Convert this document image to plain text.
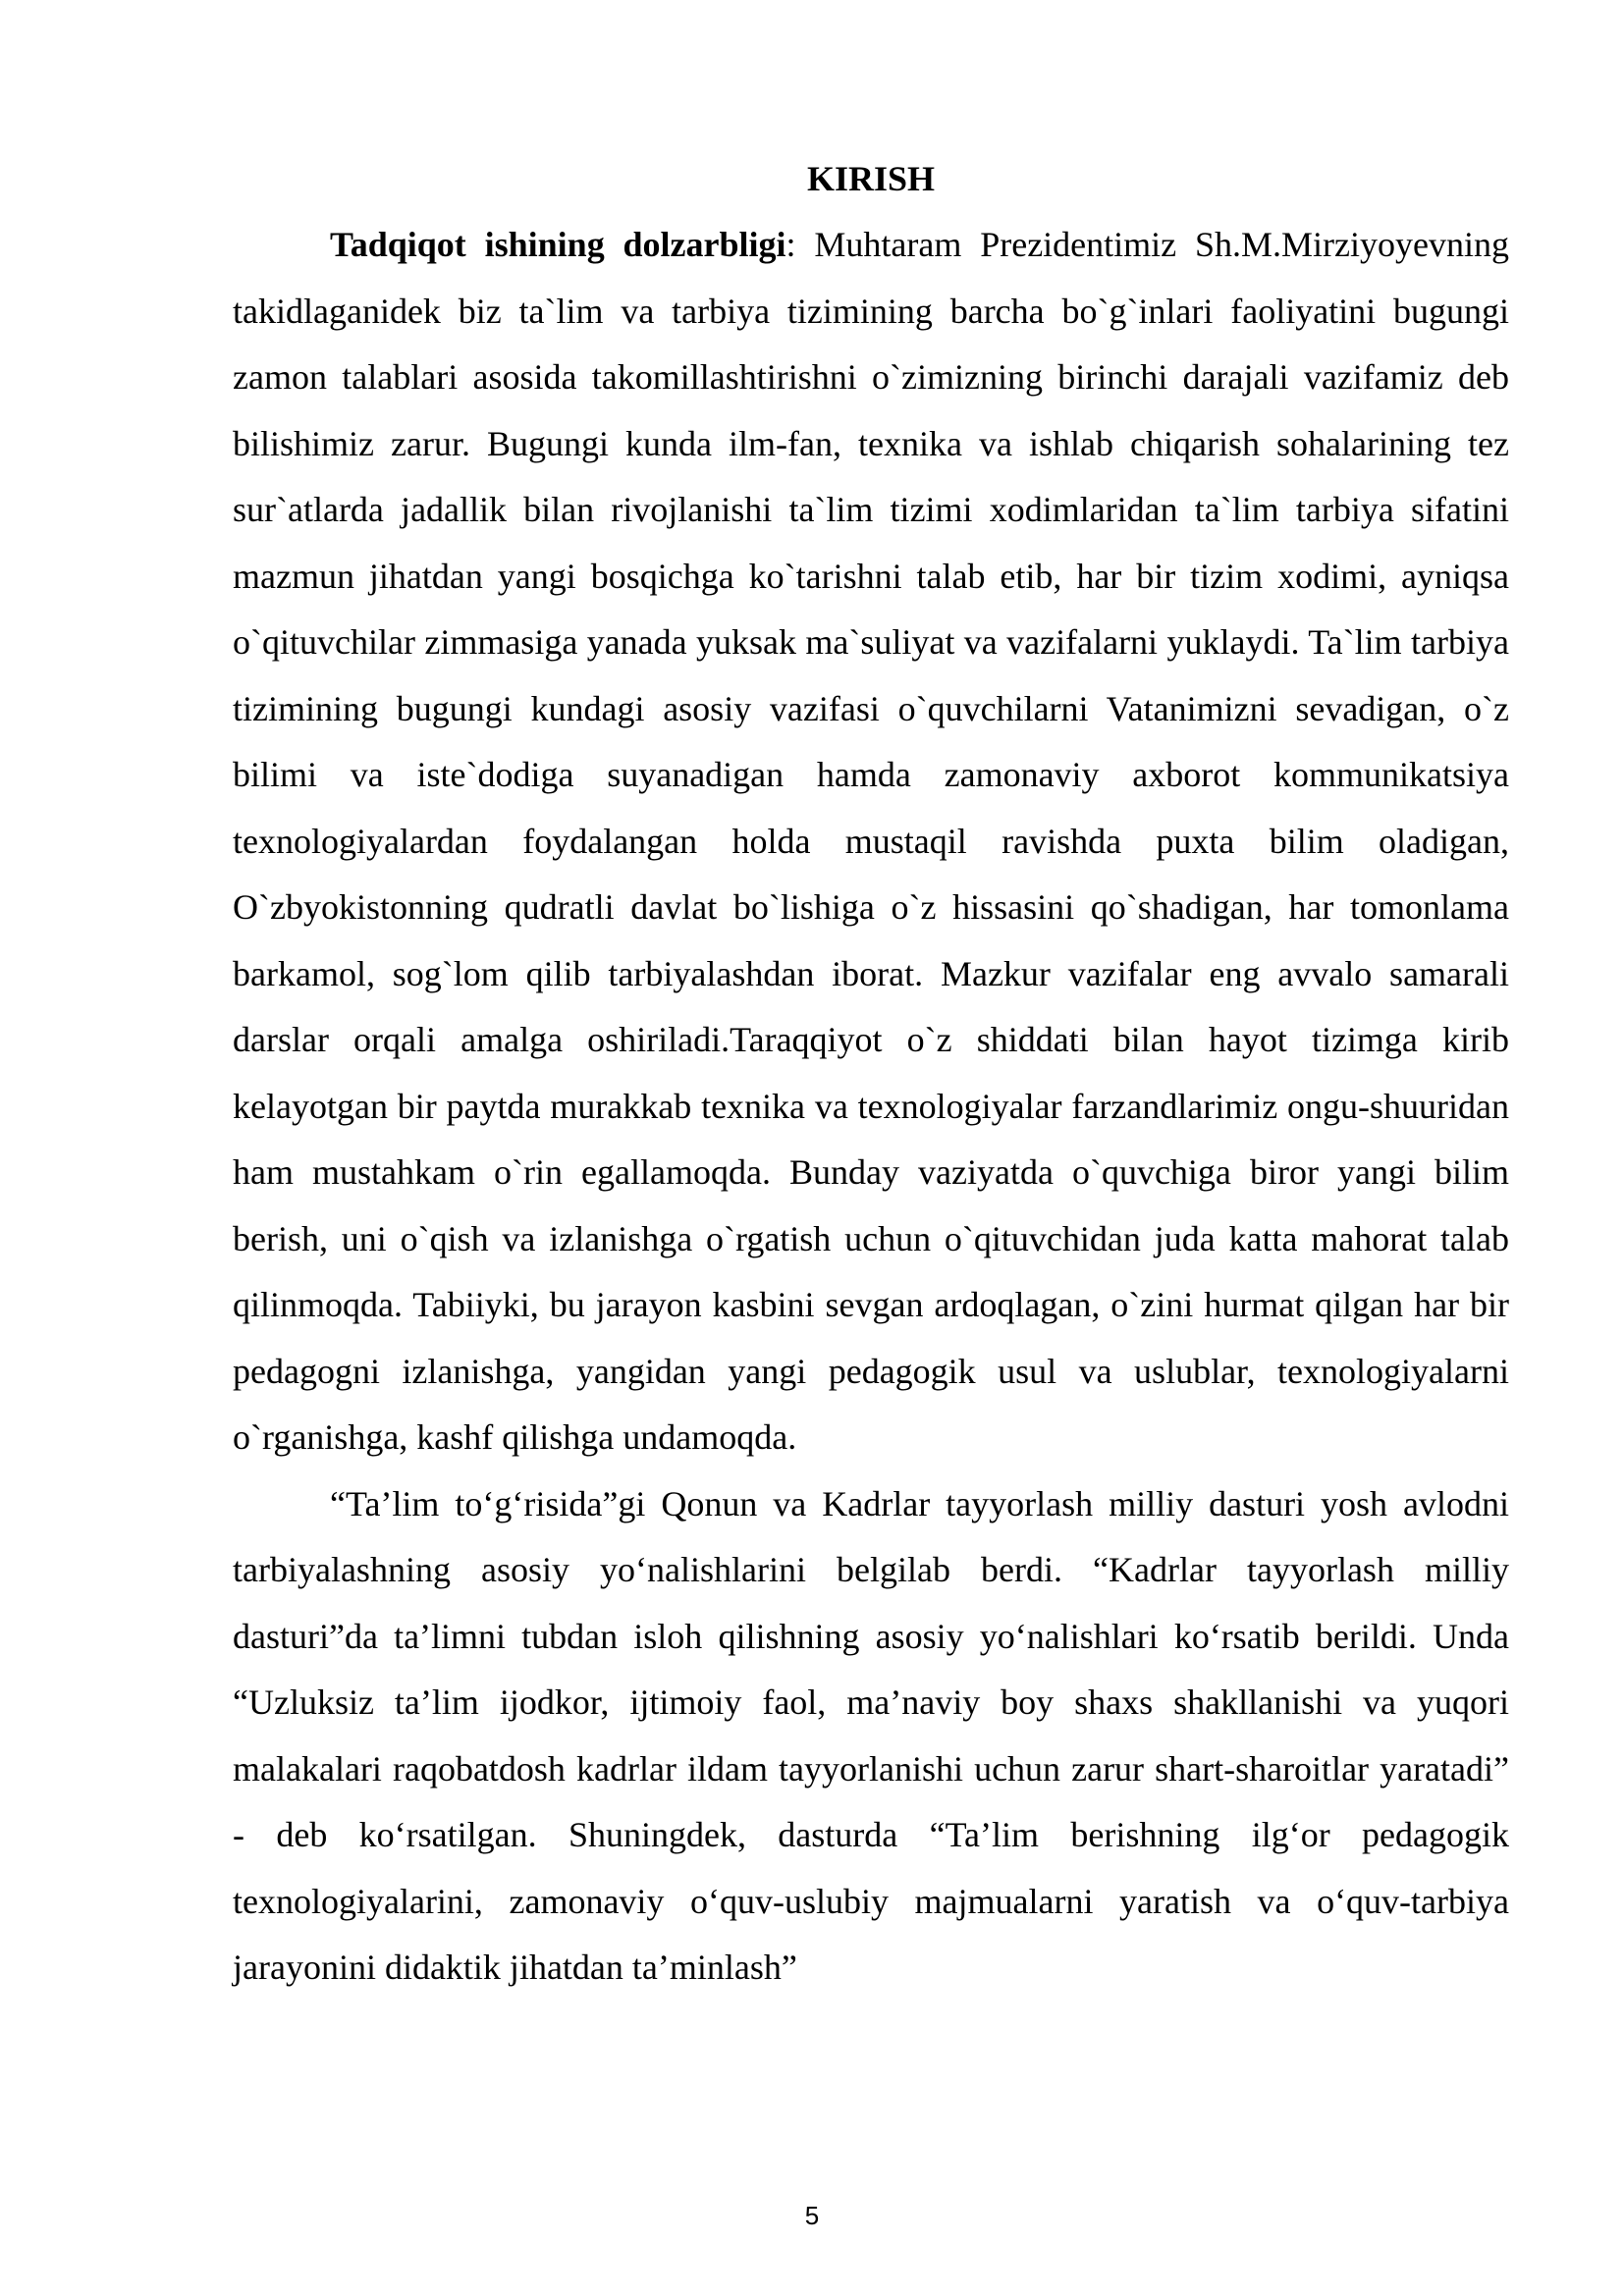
KIRISH

Tadqiqot ishining dolzarbligi: Muhtaram Prezidentimiz Sh.M.Mirziyoyevning takidlaganidek biz ta`lim va tarbiya tizimining barcha bo`g`inlari faoliyatini bugungi zamon talablari asosida takomillashtirishni o`zimizning birinchi darajali vazifamiz deb bilishimiz zarur. Bugungi kunda ilm-fan, texnika va ishlab chiqarish sohalarining tez sur`atlarda jadallik bilan rivojlanishi ta`lim tizimi xodimlaridan ta`lim tarbiya sifatini mazmun jihatdan yangi bosqichga ko`tarishni talab etib, har bir tizim xodimi, ayniqsa o`qituvchilar zimmasiga yanada yuksak ma`suliyat va vazifalarni yuklaydi. Ta`lim tarbiya tizimining bugungi kundagi asosiy vazifasi o`quvchilarni Vatanimizni sevadigan, o`z bilimi va iste`dodiga suyanadigan hamda zamonaviy axborot kommunikatsiya texnologiyalardan foydalangan holda mustaqil ravishda puxta bilim oladigan, O`zbyokistonning qudratli davlat bo`lishiga o`z hissasini qo`shadigan, har tomonlama barkamol, sog`lom qilib tarbiyalashdan iborat. Mazkur vazifalar eng avvalo samarali darslar orqali amalga oshiriladi.Taraqqiyot o`z shiddati bilan hayot tizimga kirib kelayotgan bir paytda murakkab texnika va texnologiyalar farzandlarimiz ongu-shuuridan ham mustahkam o`rin egallamoqda. Bunday vaziyatda o`quvchiga biror yangi bilim berish, uni o`qish va izlanishga o`rgatish uchun o`qituvchidan juda katta mahorat talab qilinmoqda. Tabiiyki, bu jarayon kasbini sevgan ardoqlagan, o`zini hurmat qilgan har bir pedagogni izlanishga, yangidan yangi pedagogik usul va uslublar, texnologiyalarni o`rganishga, kashf qilishga undamoqda.

“Ta’lim to‘g‘risida”gi Qonun va Kadrlar tayyorlash milliy dasturi yosh avlodni tarbiyalashning asosiy yo‘nalishlarini belgilab berdi. “Kadrlar tayyorlash milliy dasturi”da ta’limni tubdan isloh qilishning asosiy yo‘nalishlari ko‘rsatib berildi. Unda “Uzluksiz ta’lim ijodkor, ijtimoiy faol, ma’naviy boy shaxs shakllanishi va yuqori malakalari raqobatdosh kadrlar ildam tayyorlanishi uchun zarur shart-sharoitlar yaratadi” - deb ko‘rsatilgan. Shuningdek, dasturda “Ta’lim berishning ilg‘or pedagogik texnologiyalarini, zamonaviy o‘quv-uslubiy majmualarni yaratish va o‘quv-tarbiya jarayonini didaktik jihatdan ta’minlash”

5
